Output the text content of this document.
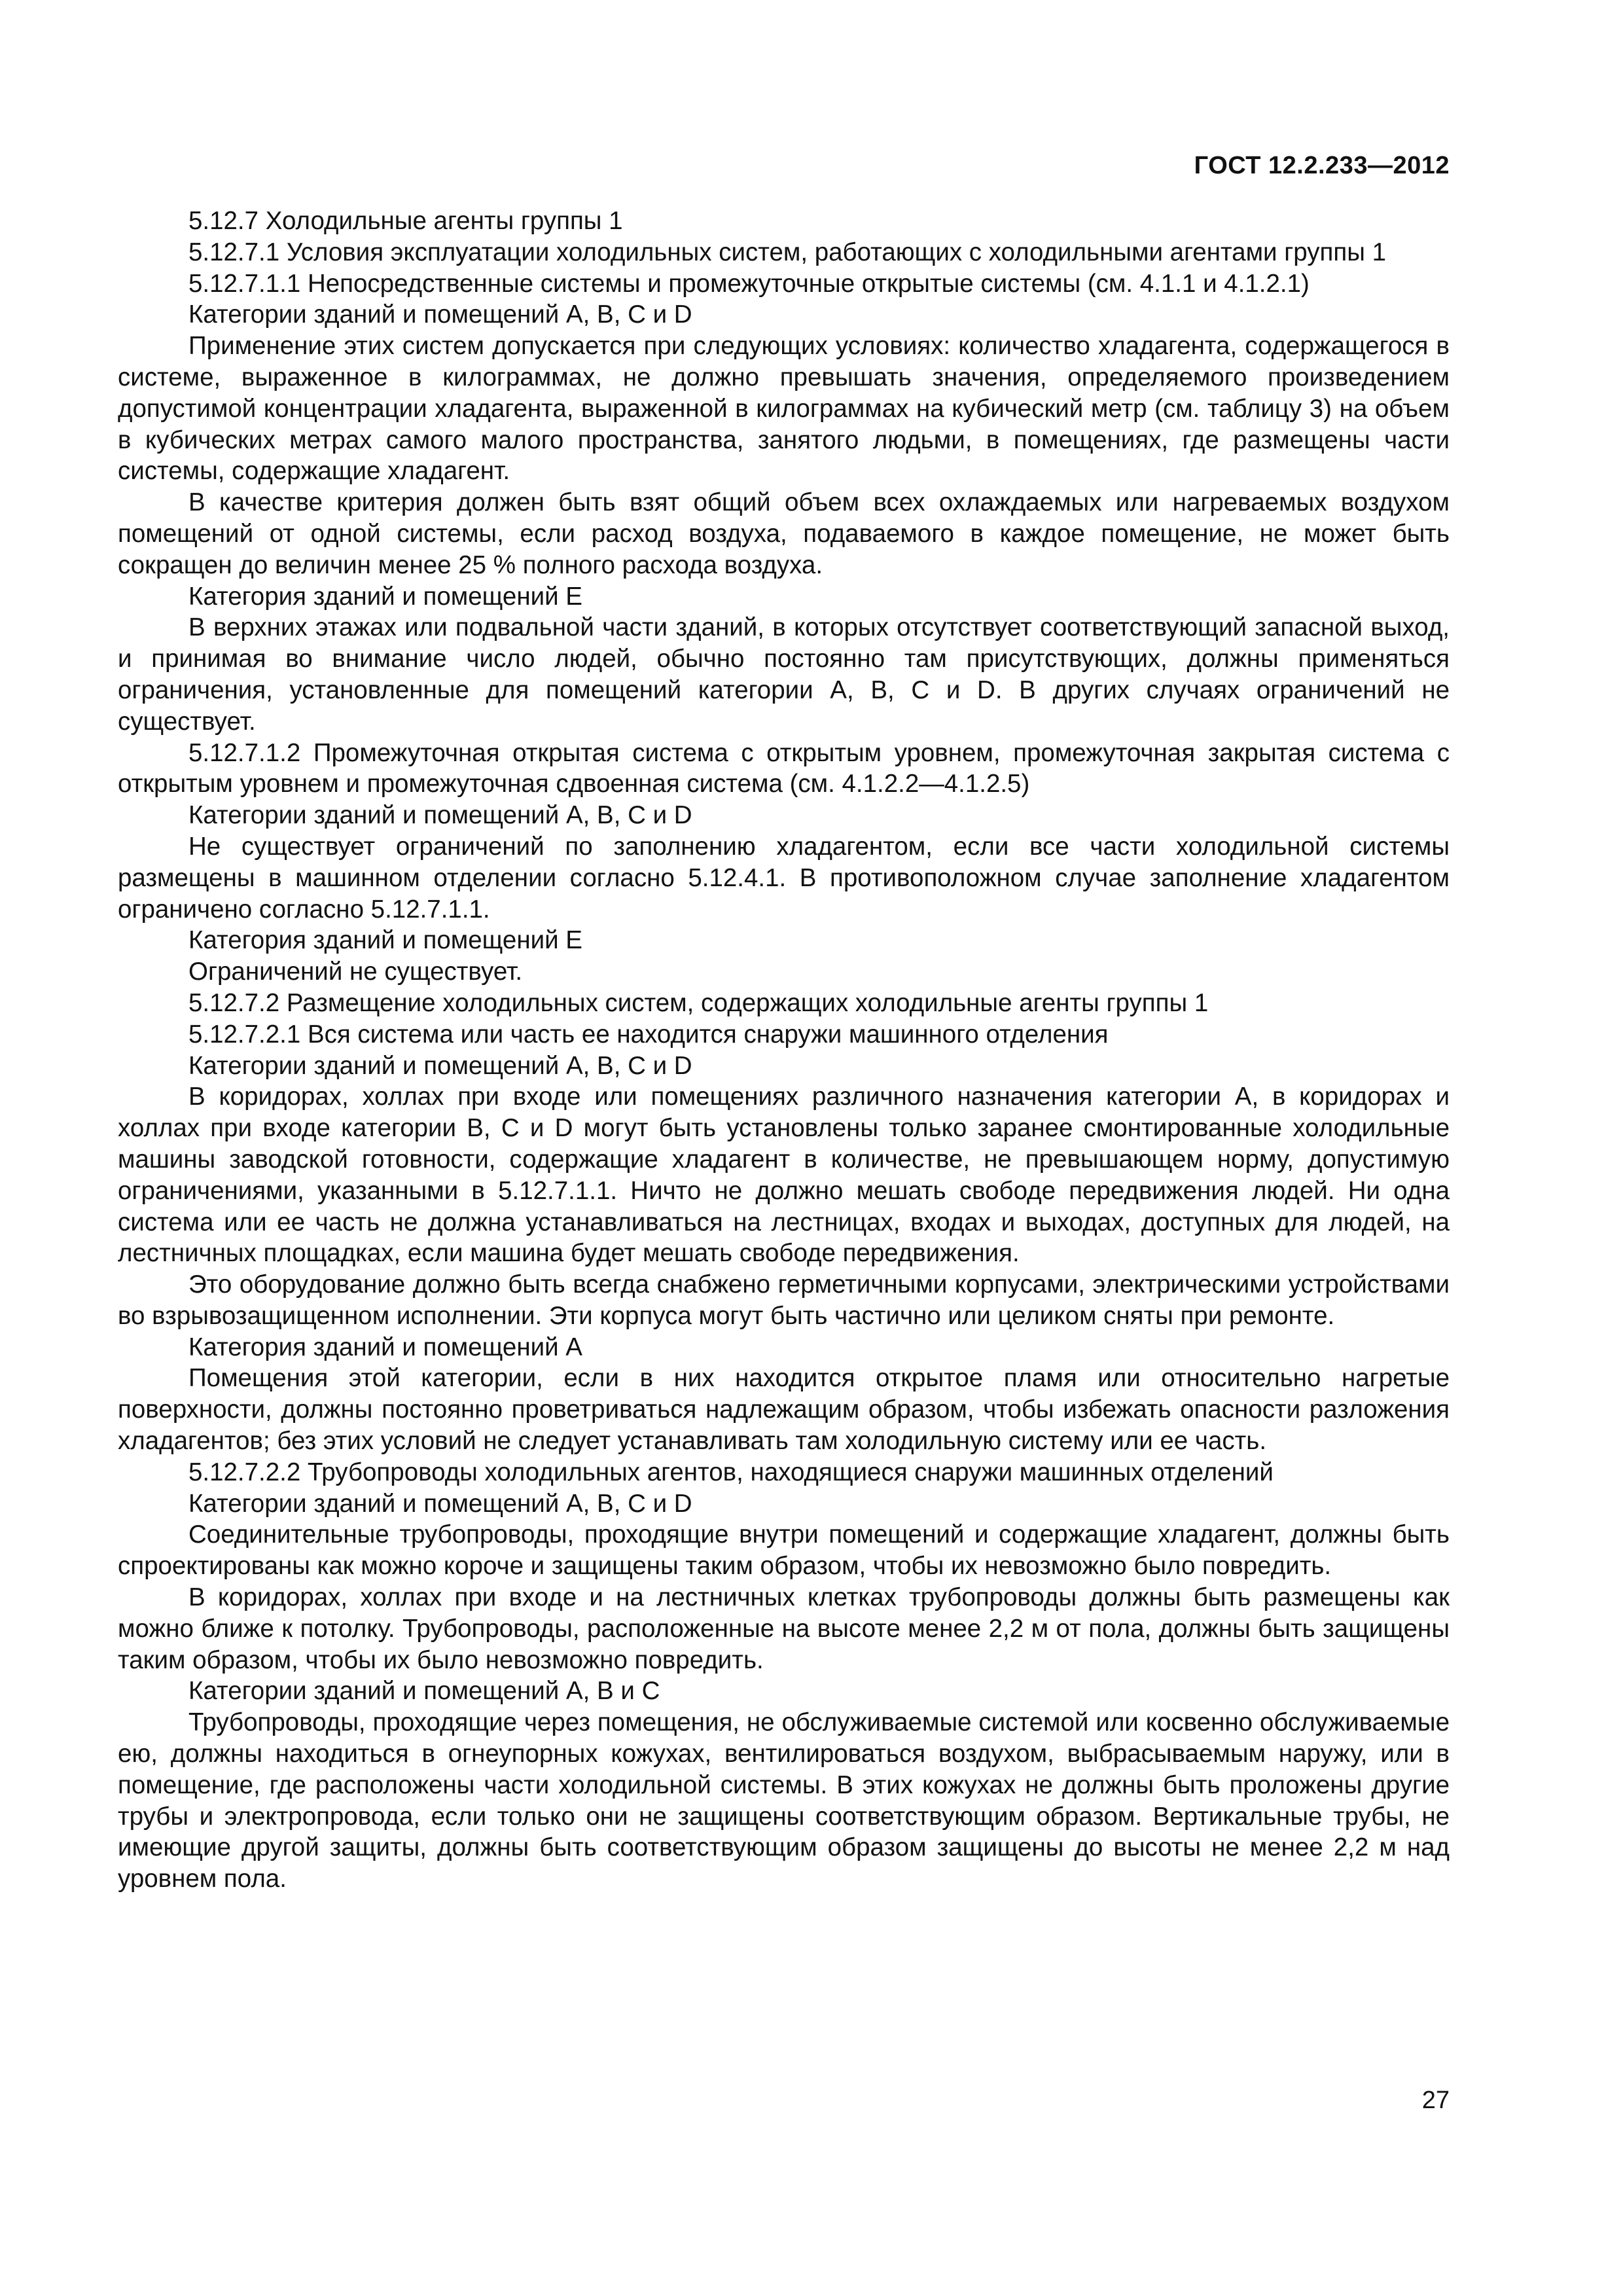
ГОСТ 12.2.233—2012

5.12.7 Холодильные агенты группы 1

5.12.7.1 Условия эксплуатации холодильных систем, работающих с холодильными агентами группы 1

5.12.7.1.1 Непосредственные системы и промежуточные открытые системы (см. 4.1.1 и 4.1.2.1)

Категории зданий и помещений А, В, С и D

Применение этих систем допускается при следующих условиях: количество хладагента, содержащегося в системе, выраженное в килограммах, не должно превышать значения, определяемого произведением допустимой концентрации хладагента, выраженной в килограммах на кубический метр (см. таблицу 3) на объем в кубических метрах самого малого пространства, занятого людьми, в помещениях, где размещены части системы, содержащие хладагент.

В качестве критерия должен быть взят общий объем всех охлаждаемых или нагреваемых воздухом помещений от одной системы, если расход воздуха, подаваемого в каждое помещение, не может быть сокращен до величин менее 25 % полного расхода воздуха.

Категория зданий и помещений Е

В верхних этажах или подвальной части зданий, в которых отсутствует соответствующий запасной выход, и принимая во внимание число людей, обычно постоянно там присутствующих, должны применяться ограничения, установленные для помещений категории А, В, С и D. В других случаях ограничений не существует.

5.12.7.1.2 Промежуточная открытая система с открытым уровнем, промежуточная закрытая система с открытым уровнем и промежуточная сдвоенная система (см. 4.1.2.2—4.1.2.5)

Категории зданий и помещений А, В, С и D

Не существует ограничений по заполнению хладагентом, если все части холодильной системы размещены в машинном отделении согласно 5.12.4.1. В противоположном случае заполнение хладагентом ограничено согласно 5.12.7.1.1.

Категория зданий и помещений Е

Ограничений не существует.

5.12.7.2 Размещение холодильных систем, содержащих холодильные агенты группы 1

5.12.7.2.1 Вся система или часть ее находится снаружи машинного отделения

Категории зданий и помещений А, В, С и D

В коридорах, холлах при входе или помещениях различного назначения категории А, в коридорах и холлах при входе категории В, С и D могут быть установлены только заранее смонтированные холодильные машины заводской готовности, содержащие хладагент в количестве, не превышающем норму, допустимую ограничениями, указанными в 5.12.7.1.1. Ничто не должно мешать свободе передвижения людей. Ни одна система или ее часть не должна устанавливаться на лестницах, входах и выходах, доступных для людей, на лестничных площадках, если машина будет мешать свободе передвижения.

Это оборудование должно быть всегда снабжено герметичными корпусами, электрическими устройствами во взрывозащищенном исполнении. Эти корпуса могут быть частично или целиком сняты при ремонте.

Категория зданий и помещений А

Помещения этой категории, если в них находится открытое пламя или относительно нагретые поверхности, должны постоянно проветриваться надлежащим образом, чтобы избежать опасности разложения хладагентов; без этих условий не следует устанавливать там холодильную систему или ее часть.

5.12.7.2.2 Трубопроводы холодильных агентов, находящиеся снаружи машинных отделений

Категории зданий и помещений А, В, С и D

Соединительные трубопроводы, проходящие внутри помещений и содержащие хладагент, должны быть спроектированы как можно короче и защищены таким образом, чтобы их невозможно было повредить.

В коридорах, холлах при входе и на лестничных клетках трубопроводы должны быть размещены как можно ближе к потолку. Трубопроводы, расположенные на высоте менее 2,2 м от пола, должны быть защищены таким образом, чтобы их было невозможно повредить.

Категории зданий и помещений А, В и С

Трубопроводы, проходящие через помещения, не обслуживаемые системой или косвенно обслуживаемые ею, должны находиться в огнеупорных кожухах, вентилироваться воздухом, выбрасываемым наружу, или в помещение, где расположены части холодильной системы. В этих кожухах не должны быть проложены другие трубы и электропровода, если только они не защищены соответствующим образом. Вертикальные трубы, не имеющие другой защиты, должны быть соответствующим образом защищены до высоты не менее 2,2 м над уровнем пола.

27
